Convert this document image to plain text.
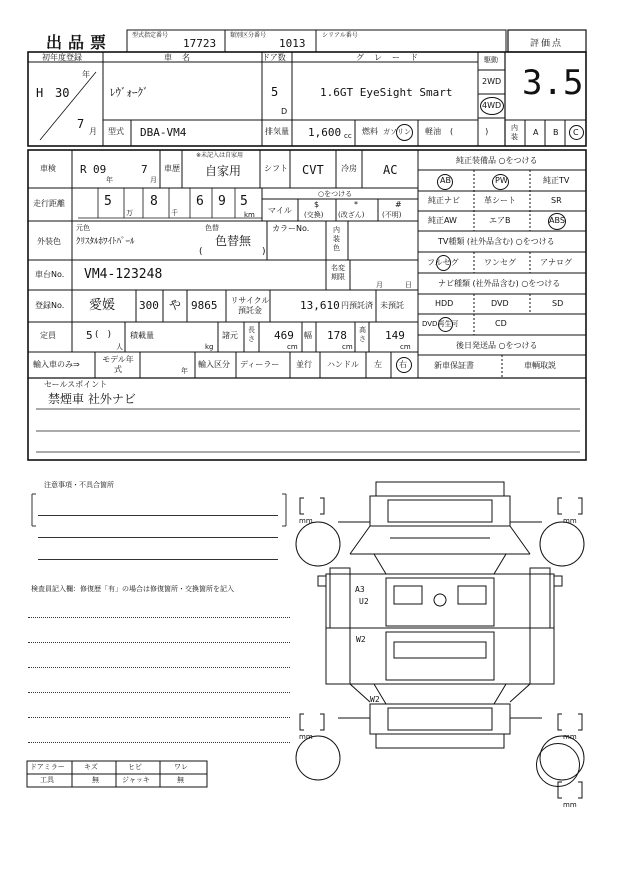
出品票	型式指定番号
17723
類別区分番号
1013
シリアル番号
評価点
3.5
初年度登録
H 30
年
7
月
車　名
ﾚｳﾞｫｰｸﾞ
ドア数
5
D
グ　レ　ー　ド
1.6GT EyeSight Smart
駆動
2WD
4WD
型式 DBA-VM4	排気量 1,600 cc 燃料 ガソリン 軽油 (　　　　)	内装	A B C
車検 R 09
年
7
月
車歴
※未記入は自家用
自家用	シフト CVT 冷房 AC
走行距離	5
万
8
千
6 9 5
km
○をつける
マイル
$
(交換)
*
(改ざん)
#
(不明)
外装色
元色
ｸﾘｽﾀﾙﾎﾜｲﾄﾊﾟｰﾙ
色替
色替無
(	)
カラーNo.	内装色
車台No. VM4-123248	名変期限
月	日
登録No. 愛媛 300 や 9865 リサイクル預託金	13,610 円預託済 未預託
定員	5 (　)
人
積載量
kg
諸元
長さ 469
cm
幅 178
cm
高さ 149
cm
輸入車のみ⇒
モデル年式	年
輸入区分 ディーラー 並行 ハンドル 左 右
純正装備品 ○をつける
AB	PW	純正TV
純正ナビ	革シート	SR
純正AW	エアB	ABS
TV種類 (社外品含む) ○をつける
フルセグ	ワンセグ	アナログ
ナビ種類 (社外品含む) ○をつける
HDD	DVD	SD
DVD再生可	CD
後日発送品 ○をつける
新車保証書	車輌取説
セールスポイント
禁煙車 社外ナビ
注意事項・不具合箇所
検査員記入欄：修復歴「有」の場合は修復箇所・交換箇所を記入
ドアミラー	キズ	ヒビ	ワレ
工具	無	ジャッキ	無
mm	mm
mm	mm
mm
A3
U2
W2
W2
